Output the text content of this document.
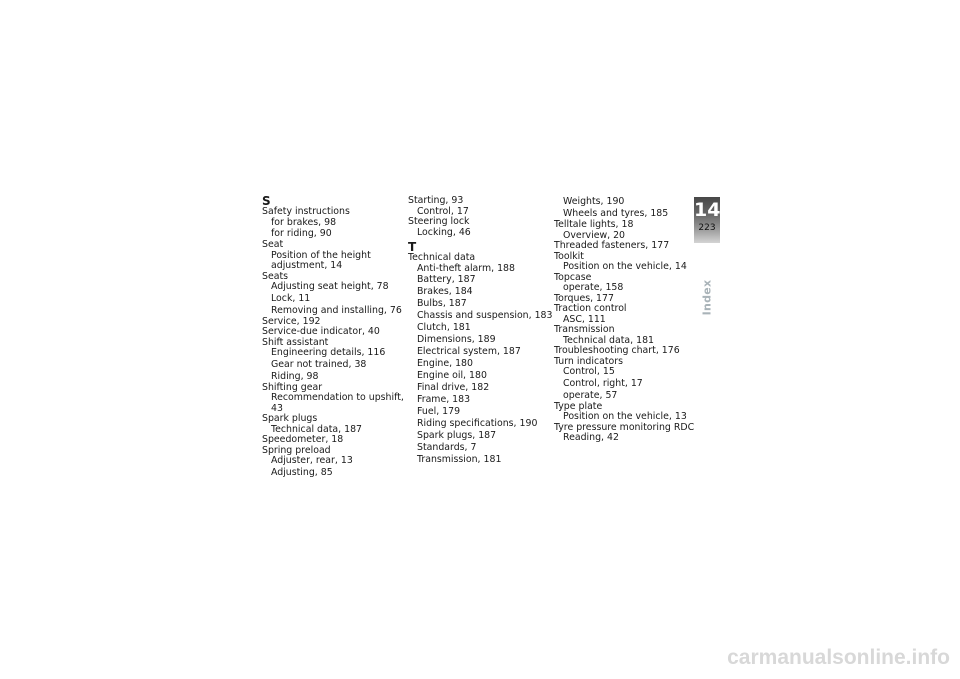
S
Safety instructions
for brakes, 98
for riding, 90
Seat
Position of the height adjustment, 14
Seats
Adjusting seat height, 78
Lock, 11
Removing and installing, 76
Service, 192
Service-due indicator, 40
Shift assistant
Engineering details, 116
Gear not trained, 38
Riding, 98
Shifting gear
Recommendation to upshift, 43
Spark plugs
Technical data, 187
Speedometer, 18
Spring preload
Adjuster, rear, 13
Adjusting, 85
Starting, 93
Control, 17
Steering lock
Locking, 46
T
Technical data
Anti-theft alarm, 188
Battery, 187
Brakes, 184
Bulbs, 187
Chassis and suspension, 183
Clutch, 181
Dimensions, 189
Electrical system, 187
Engine, 180
Engine oil, 180
Final drive, 182
Frame, 183
Fuel, 179
Riding specifications, 190
Spark plugs, 187
Standards, 7
Transmission, 181
Weights, 190
Wheels and tyres, 185
Telltale lights, 18
Overview, 20
Threaded fasteners, 177
Toolkit
Position on the vehicle, 14
Topcase
operate, 158
Torques, 177
Traction control
ASC, 111
Transmission
Technical data, 181
Troubleshooting chart, 176
Turn indicators
Control, 15
Control, right, 17
operate, 57
Type plate
Position on the vehicle, 13
Tyre pressure monitoring RDC
Reading, 42
14
223
Index
carmanualsonline.info
